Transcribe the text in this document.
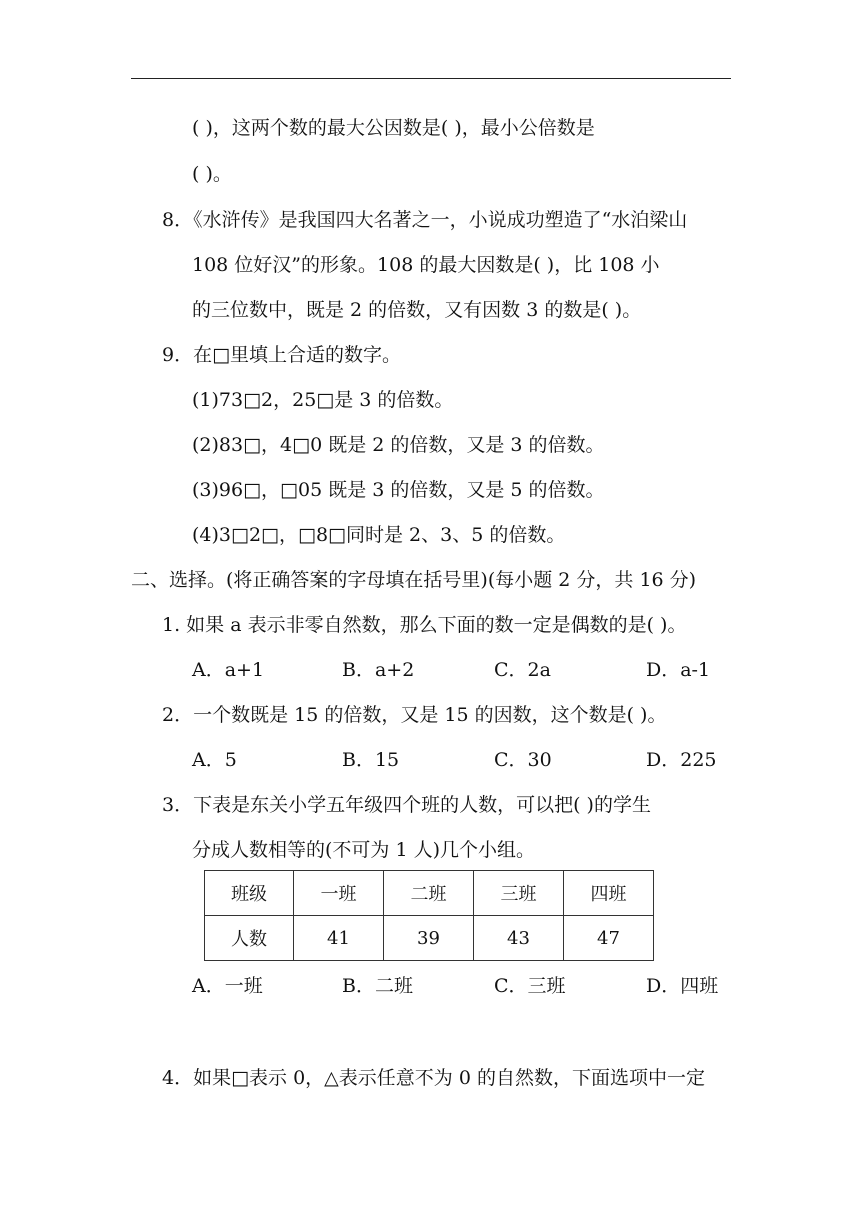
( )，这两个数的最大公因数是( )，最小公倍数是
( )。
8．《水浒传》是我国四大名著之一，小说成功塑造了“水泊梁山
108 位好汉”的形象。108 的最大因数是( )，比 108 小
的三位数中，既是 2 的倍数，又有因数 3 的数是( )。
9．在□里填上合适的数字。
(1)73□2，25□是 3 的倍数。
(2)83□，4□0 既是 2 的倍数，又是 3 的倍数。
(3)96□，□05 既是 3 的倍数，又是 5 的倍数。
(4)3□2□，□8□同时是 2、3、5 的倍数。
二、选择。(将正确答案的字母填在括号里)(每小题 2 分，共 16 分)
1. 如果 a 表示非零自然数，那么下面的数一定是偶数的是( )。
A．a+1	B．a+2	C．2a	D．a-1
2．一个数既是 15 的倍数，又是 15 的因数，这个数是( )。
A．5	B．15	C．30	D．225
3．下表是东关小学五年级四个班的人数，可以把( )的学生
分成人数相等的(不可为 1 人)几个小组。
班级	一班	二班	三班	四班
人数	41	39	43	47
A．一班	B．二班	C．三班	D．四班
4．如果□表示 0，△表示任意不为 0 的自然数，下面选项中一定
